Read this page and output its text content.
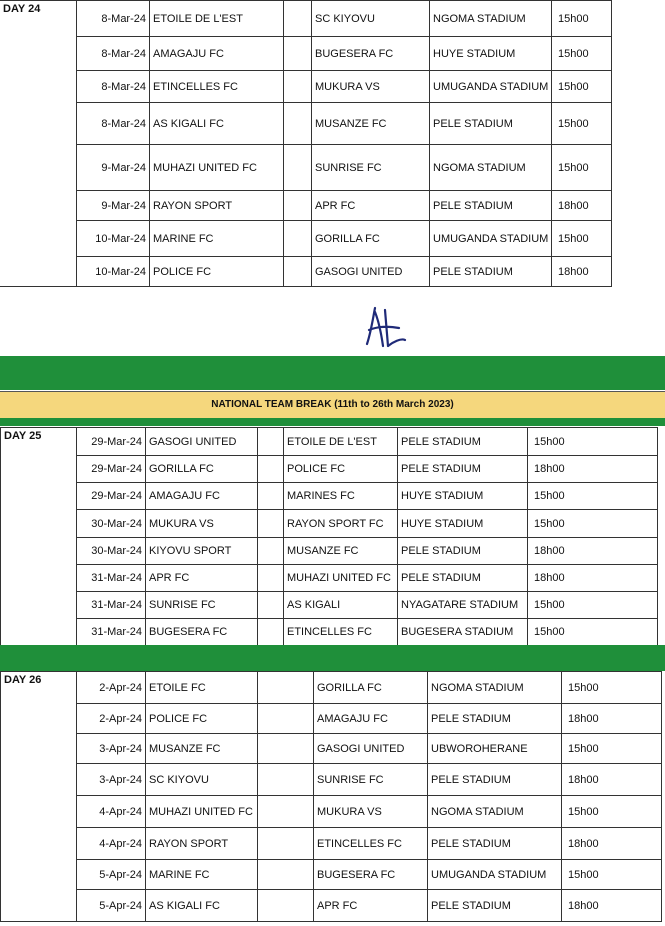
DAY 24	8-Mar-24	ETOILE DE L'EST		SC KIYOVU	NGOMA STADIUM	15h00
	8-Mar-24	AMAGAJU FC		BUGESERA FC	HUYE STADIUM	15h00
	8-Mar-24	ETINCELLES FC		MUKURA VS	UMUGANDA STADIUM	15h00
	8-Mar-24	AS KIGALI FC		MUSANZE FC	PELE STADIUM	15h00
	9-Mar-24	MUHAZI UNITED FC		SUNRISE FC	NGOMA STADIUM	15h00
	9-Mar-24	RAYON SPORT		APR FC	PELE STADIUM	18h00
	10-Mar-24	MARINE FC		GORILLA FC	UMUGANDA STADIUM	15h00
	10-Mar-24	POLICE FC		GASOGI UNITED	PELE STADIUM	18h00
NATIONAL TEAM BREAK (11th to 26th March 2023)
DAY 25	29-Mar-24	GASOGI UNITED		ETOILE DE L'EST	PELE STADIUM	15h00
	29-Mar-24	GORILLA FC		POLICE FC	PELE STADIUM	18h00
	29-Mar-24	AMAGAJU FC		MARINES FC	HUYE STADIUM	15h00
	30-Mar-24	MUKURA VS		RAYON SPORT FC	HUYE STADIUM	15h00
	30-Mar-24	KIYOVU SPORT		MUSANZE FC	PELE STADIUM	18h00
	31-Mar-24	APR FC		MUHAZI UNITED FC	PELE STADIUM	18h00
	31-Mar-24	SUNRISE FC		AS KIGALI	NYAGATARE STADIUM	15h00
	31-Mar-24	BUGESERA FC		ETINCELLES FC	BUGESERA STADIUM	15h00
DAY 26	2-Apr-24	ETOILE FC		GORILLA FC	NGOMA STADIUM	15h00
	2-Apr-24	POLICE FC		AMAGAJU FC	PELE STADIUM	18h00
	3-Apr-24	MUSANZE FC		GASOGI UNITED	UBWOROHERANE	15h00
	3-Apr-24	SC KIYOVU		SUNRISE FC	PELE STADIUM	18h00
	4-Apr-24	MUHAZI UNITED FC		MUKURA VS	NGOMA STADIUM	15h00
	4-Apr-24	RAYON SPORT		ETINCELLES FC	PELE STADIUM	18h00
	5-Apr-24	MARINE FC		BUGESERA FC	UMUGANDA STADIUM	15h00
	5-Apr-24	AS KIGALI FC		APR FC	PELE STADIUM	18h00
